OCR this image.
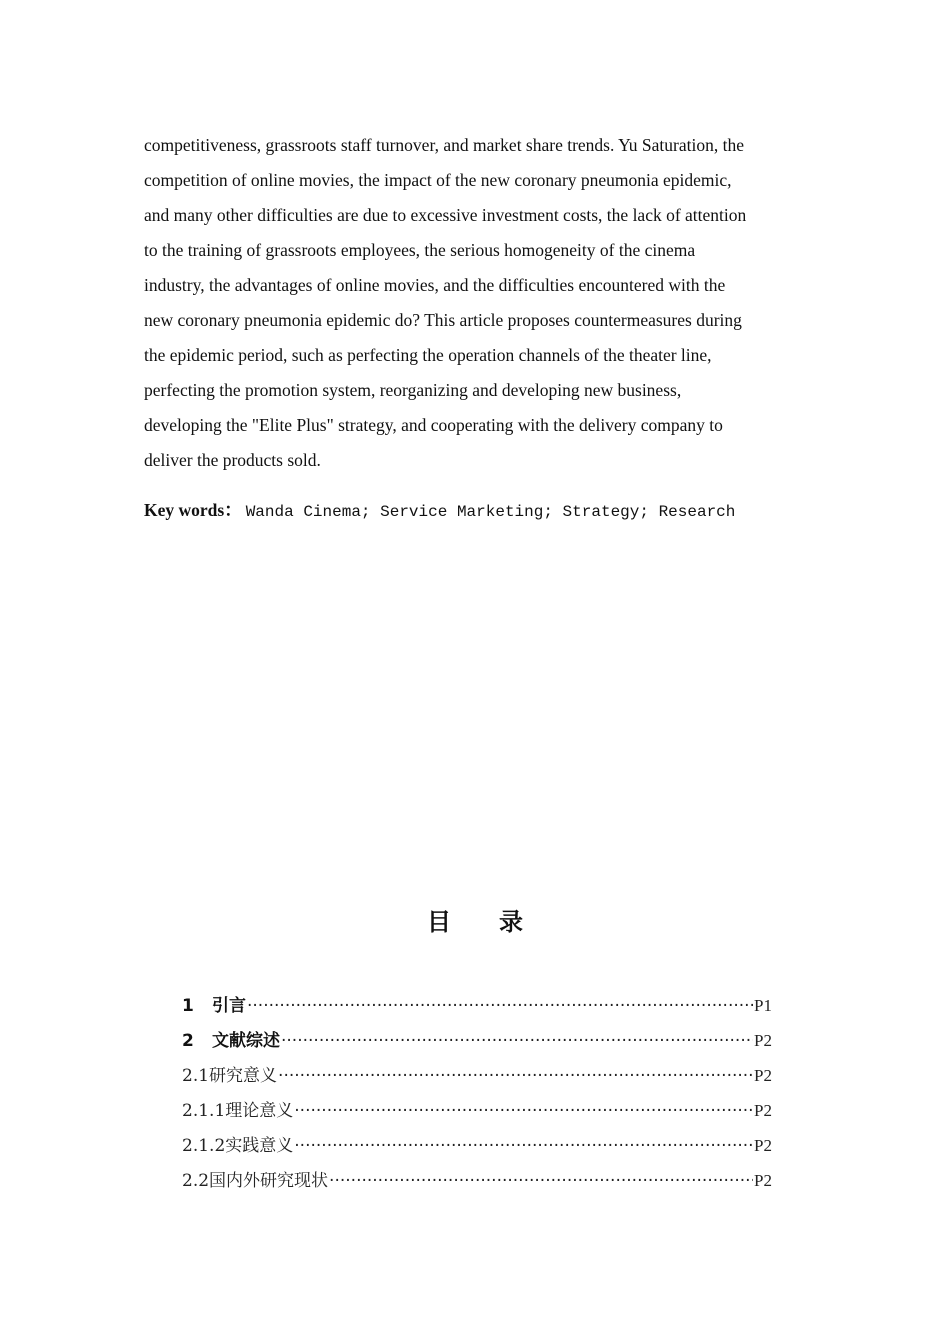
competitiveness, grassroots staff turnover, and market share trends. Yu Saturation, the
competition of online movies, the impact of the new coronary pneumonia epidemic,
and many other difficulties are due to excessive investment costs, the lack of attention
to the training of grassroots employees, the serious homogeneity of the cinema
industry, the advantages of online movies, and the difficulties encountered with the
new coronary pneumonia epidemic do? This article proposes countermeasures during
the epidemic period, such as perfecting the operation channels of the theater line,
perfecting the promotion system, reorganizing and developing new business,
developing the "Elite Plus" strategy, and cooperating with the delivery company to
deliver the products sold.
Key words： Wanda Cinema; Service Marketing; Strategy; Research
目 录
1	引言 ·····	P1
2	文献综述 ·····	P2
2.1 研究意义 ·····	P2
2.1.1 理论意义 ·····	P2
2.1.2 实践意义 ·····	P2
2.2 国内外研究现状 ·····	P2
